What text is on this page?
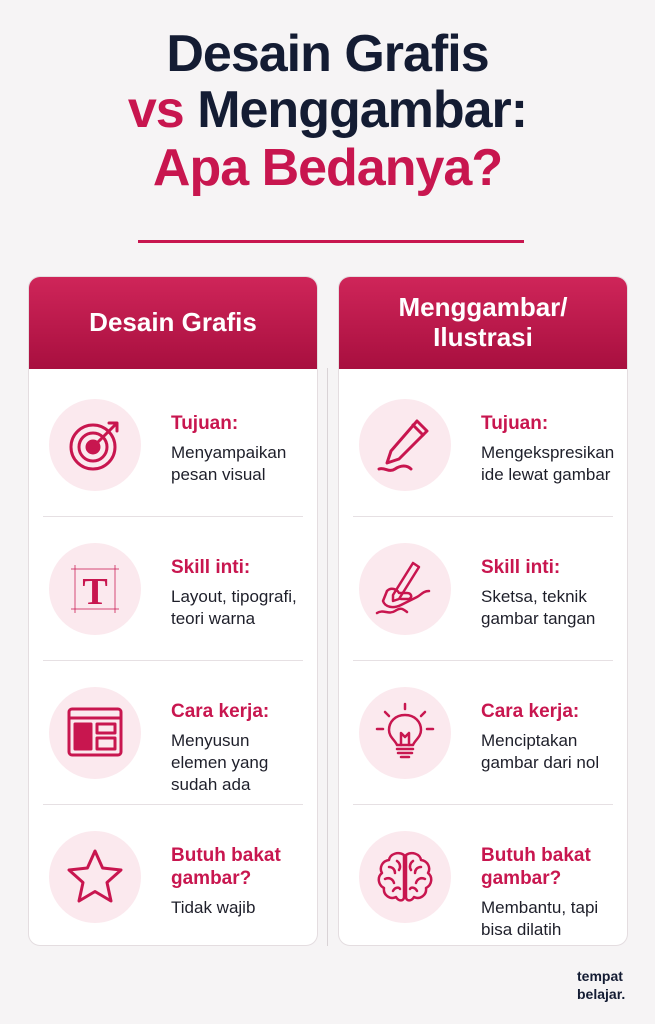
Desain Grafis
vs Menggambar:
Apa Bedanya?
Desain Grafis
Tujuan:
Menyampaikan
pesan visual
T
Skill inti:
Layout, tipografi,
teori warna
Cara kerja:
Menyusun
elemen yang
sudah ada
Butuh bakat
gambar?
Tidak wajib
Menggambar/
Ilustrasi
Tujuan:
Mengekspresikan
ide lewat gambar
Skill inti:
Sketsa, teknik
gambar tangan
Cara kerja:
Menciptakan
gambar dari nol
Butuh bakat
gambar?
Membantu, tapi
bisa dilatih
tempat
belajar.
